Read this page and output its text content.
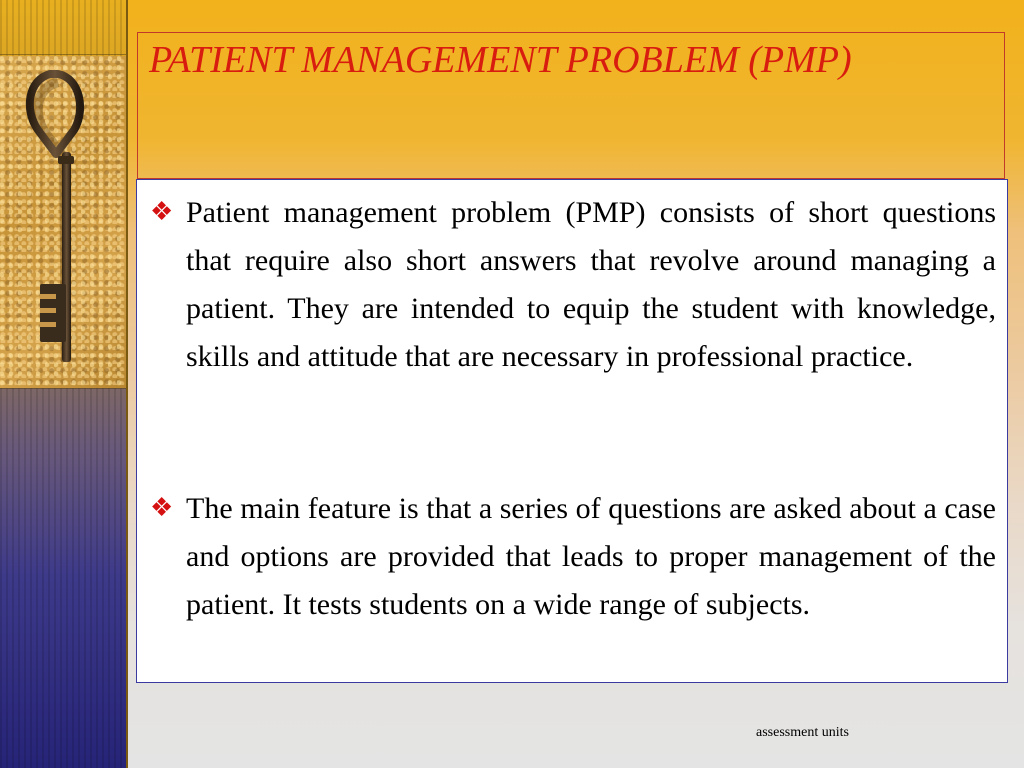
PATIENT MANAGEMENT PROBLEM (PMP)
❖ Patient management problem (PMP) consists of short questions that require also short answers that revolve around managing a patient. They are intended to equip the student with knowledge, skills and attitude that are necessary in professional practice.
❖ The main feature is that a series of questions are asked about a case and options are provided that leads to proper management of the patient. It tests students on a wide range of subjects.
assessment units
